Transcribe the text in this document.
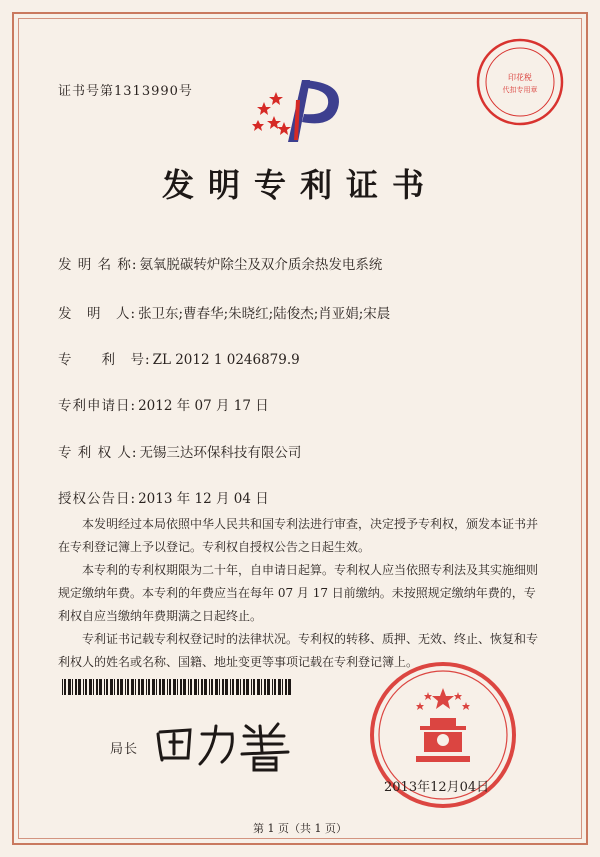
证书号第1313990号
印花税
代扣专用章
发明专利证书
发 明 名 称: 氨氧脱碳转炉除尘及双介质余热发电系统
发　明　人: 张卫东;曹春华;朱晓红;陆俊杰;肖亚娟;宋晨
专　　利　号: ZL 2012 1 0246879.9
专利申请日: 2012 年 07 月 17 日
专 利 权 人: 无锡三达环保科技有限公司
授权公告日: 2013 年 12 月 04 日

本发明经过本局依照中华人民共和国专利法进行审查，决定授予专利权，颁发本证书并在专利登记簿上予以登记。专利权自授权公告之日起生效。

本专利的专利权期限为二十年，自申请日起算。专利权人应当依照专利法及其实施细则规定缴纳年费。本专利的年费应当在每年 07 月 17 日前缴纳。未按照规定缴纳年费的，专利权自应当缴纳年费期满之日起终止。

专利证书记载专利权登记时的法律状况。专利权的转移、质押、无效、终止、恢复和专利权人的姓名或名称、国籍、地址变更等事项记载在专利登记簿上。

局长
2013年12月04日
第 1 页（共 1 页）
